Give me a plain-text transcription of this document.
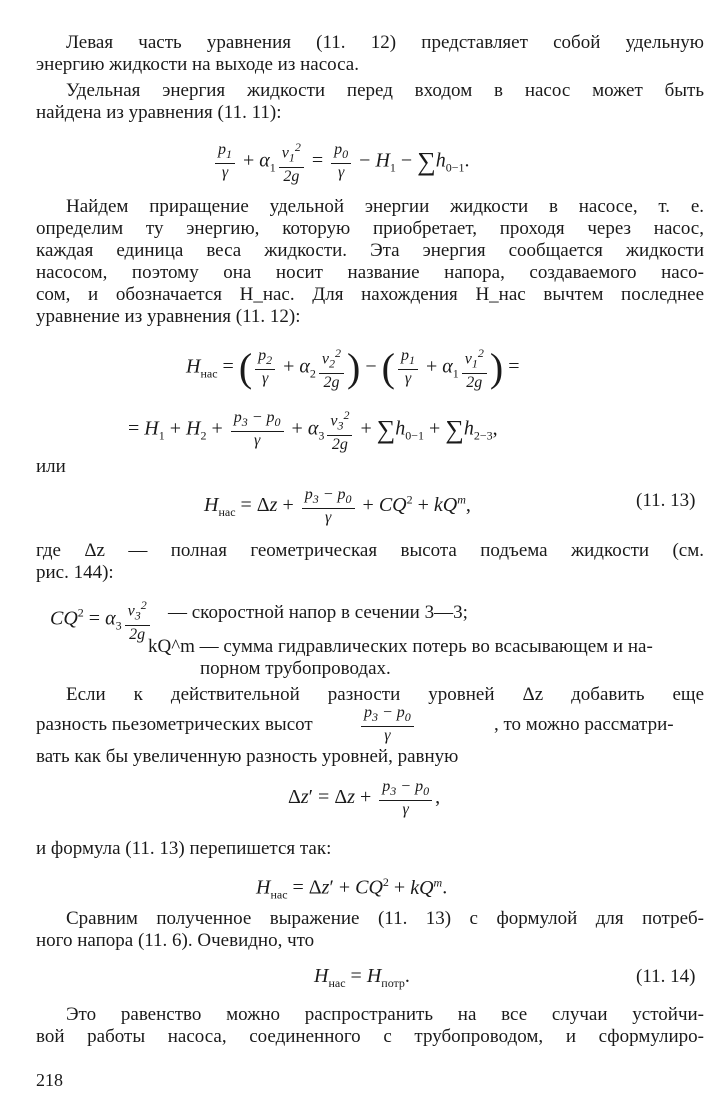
Левая часть уравнения (11. 12) представляет собой удельную
энергию жидкости на выходе из насоса.
Удельная энергия жидкости перед входом в насос может быть
найдена из уравнения (11. 11):
$\frac{p_1}{\gamma} + \alpha_1 \frac{v_1^2}{2g} = \frac{p_0}{\gamma} - H_1 - \sum h_{0-1}$.
Найдем приращение удельной энергии жидкости в насосе, т. е.
определим ту энергию, которую приобретает, проходя через насос,
каждая единица веса жидкости. Эта энергия сообщается жидкости
насосом, поэтому она носит название напора, создаваемого насо-
сом, и обозначается H_нас. Для нахождения H_нас вычтем последнее
уравнение из уравнения (11. 12):
$H_{нас}$ = ( $\frac{p_2}{\gamma} + \alpha_2 \frac{v_2^2}{2g}$ ) − ( $\frac{p_1}{\gamma} + \alpha_1 \frac{v_1^2}{2g}$ ) =
= $H_1 + H_2 + \frac{p_3 - p_0}{\gamma} + \alpha_3 \frac{v_3^2}{2g} + \sum h_{0-1} + \sum h_{2-3}$,
или
$H_{нас} = \Delta z + \frac{p_3 - p_0}{\gamma} + CQ^2 + kQ^m$,	(11. 13)
где Δz — полная геометрическая высота подъема жидкости (см.
рис. 144):
$CQ^2 = \alpha_3 \frac{v_3^2}{2g}$ — скоростной напор в сечении 3—3;
kQ^m — сумма гидравлических потерь во всасывающем и на-
порном трубопроводах.
Если к действительной разности уровней Δz добавить еще
разность пьезометрических высот	$\frac{p_3 - p_0}{\gamma}$	, то можно рассматри-
вать как бы увеличенную разность уровней, равную
$\Delta z' = \Delta z + \frac{p_3 - p_0}{\gamma}$ ,
и формула (11. 13) перепишется так:
$H_{нас} = \Delta z' + CQ^2 + kQ^m$.
Сравним полученное выражение (11. 13) с формулой для потреб-
ного напора (11. 6). Очевидно, что
$H_{нас} = H_{потр}$.	(11. 14)
Это равенство можно распространить на все случаи устойчи-
вой работы насоса, соединенного с трубопроводом, и сформулиро-
218
